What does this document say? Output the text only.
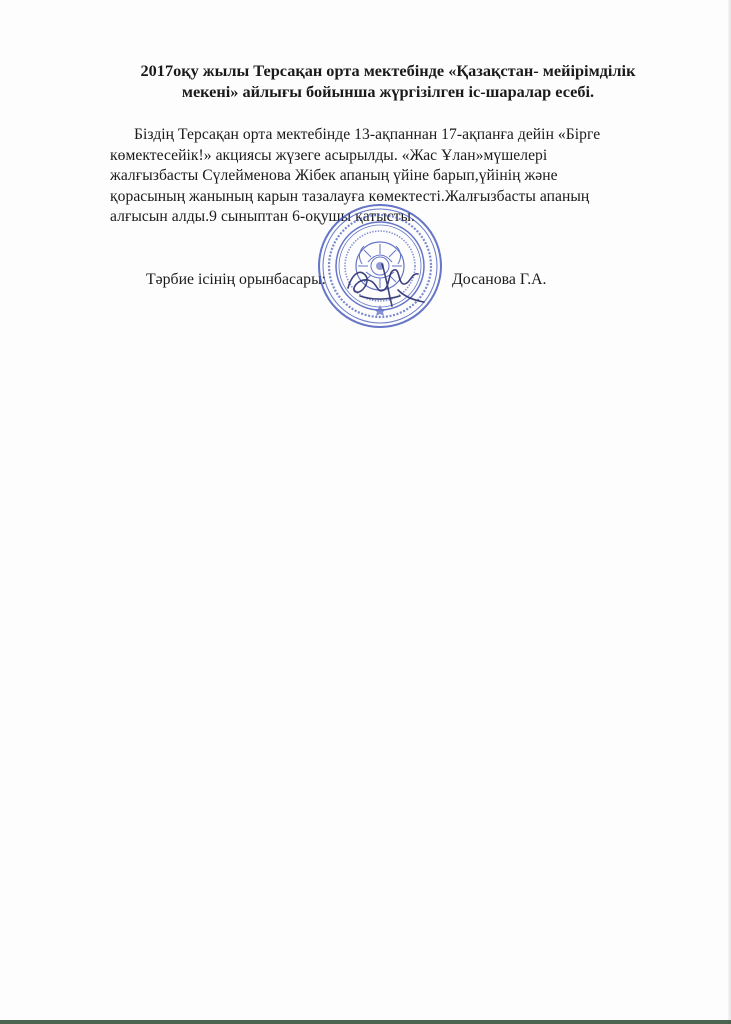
2017оқу жылы Терсақан орта мектебінде «Қазақстан- мейірімділік мекені» айлығы бойынша жүргізілген іс-шаралар есебі.

Біздің Терсақан орта мектебінде 13-ақпаннан 17-ақпанға дейін «Бірге көмектесейік!» акциясы жүзеге асырылды. «Жас Ұлан»мүшелері жалғызбасты Сүлейменова Жібек апаның үйіне барып,үйінің және қорасының жанының карын тазалауға көмектесті.Жалғызбасты апаның алғысын алды.9 сыныптан 6-оқушы қатысты.

Тәрбие ісінің орынбасары:	Досанова Г.А.
